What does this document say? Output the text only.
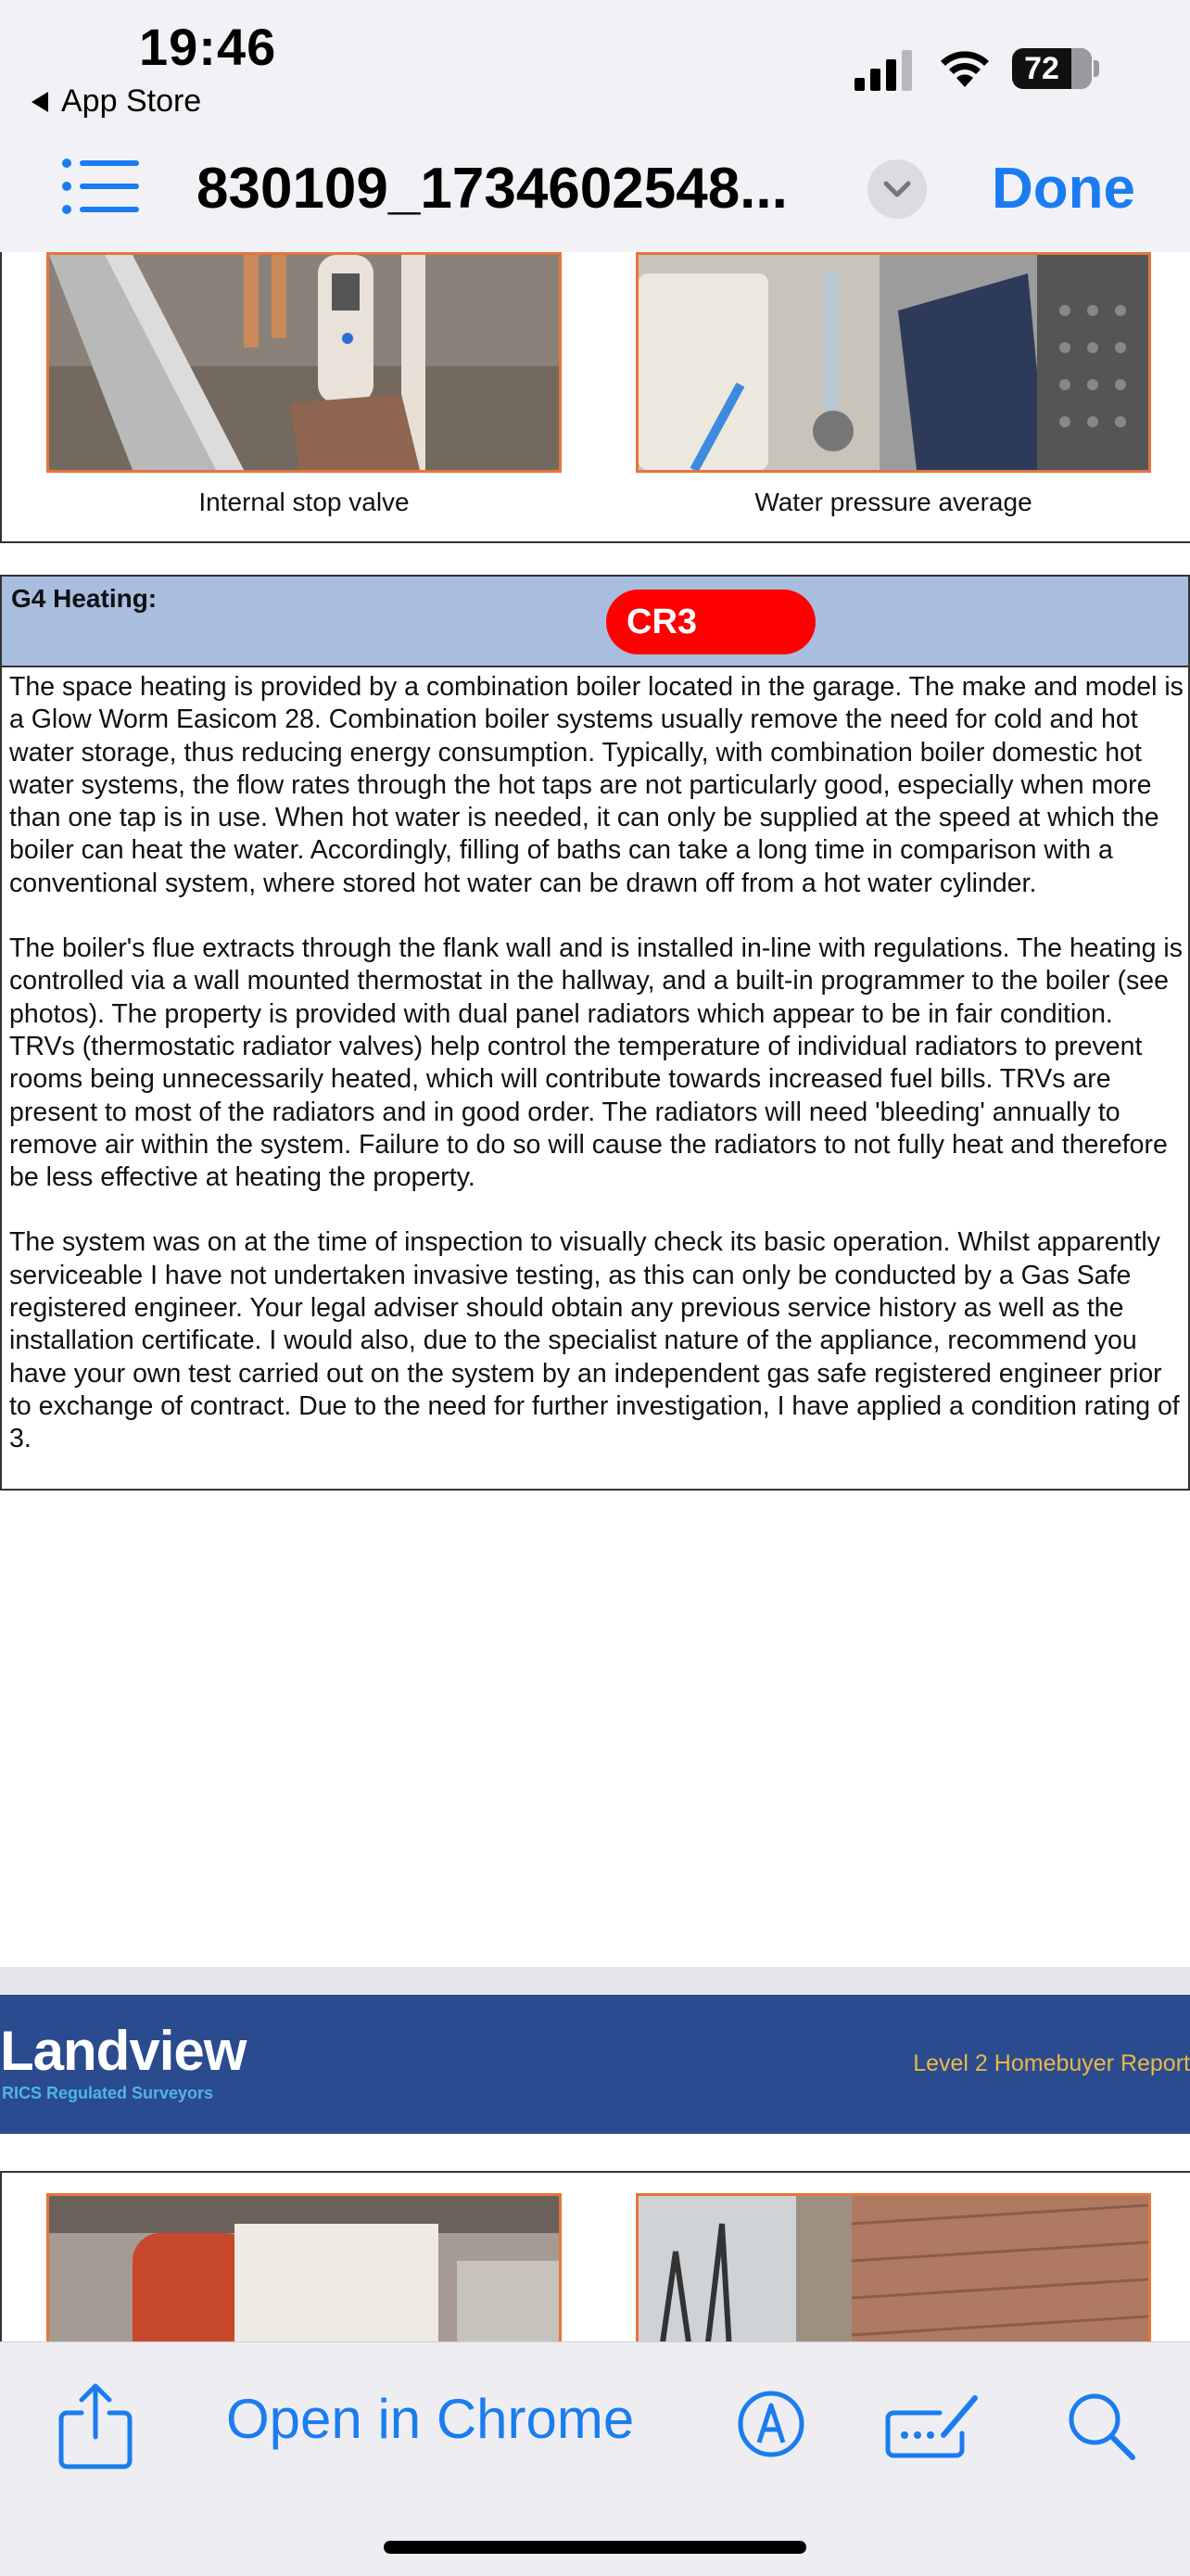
19:46
App Store
72
830109_1734602548...	Done
Internal stop valve	Water pressure average
G4 Heating:
CR3

The space heating is provided by a combination boiler located in the garage. The make and model is a Glow Worm Easicom 28. Combination boiler systems usually remove the need for cold and hot water storage, thus reducing energy consumption. Typically, with combination boiler domestic hot water systems, the flow rates through the hot taps are not particularly good, especially when more than one tap is in use. When hot water is needed, it can only be supplied at the speed at which the boiler can heat the water. Accordingly, filling of baths can take a long time in comparison with a conventional system, where stored hot water can be drawn off from a hot water cylinder.

The boiler's flue extracts through the flank wall and is installed in-line with regulations. The heating is controlled via a wall mounted thermostat in the hallway, and a built-in programmer to the boiler (see photos). The property is provided with dual panel radiators which appear to be in fair condition. TRVs (thermostatic radiator valves) help control the temperature of individual radiators to prevent rooms being unnecessarily heated, which will contribute towards increased fuel bills. TRVs are present to most of the radiators and in good order. The radiators will need 'bleeding' annually to remove air within the system. Failure to do so will cause the radiators to not fully heat and therefore be less effective at heating the property.

The system was on at the time of inspection to visually check its basic operation. Whilst apparently serviceable I have not undertaken invasive testing, as this can only be conducted by a Gas Safe registered engineer. Your legal adviser should obtain any previous service history as well as the installation certificate. I would also, due to the specialist nature of the appliance, recommend you have your own test carried out on the system by an independent gas safe registered engineer prior to exchange of contract. Due to the need for further investigation, I have applied a condition rating of 3.

Landview
RICS Regulated Surveyors
Level 2 Homebuyer Report
Open in Chrome
